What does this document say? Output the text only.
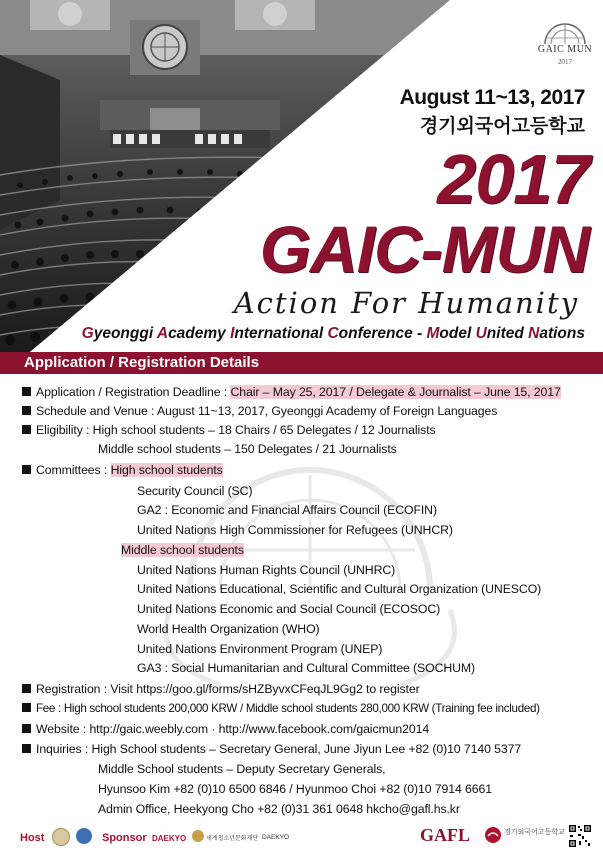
GAIC MUN
2017
August 11~13, 2017
경기외국어고등학교
2017
GAIC-MUN
Action For Humanity
Gyeonggi Academy International Conference - Model United Nations
Application / Registration Details
Application / Registration Deadline : Chair – May 25, 2017 / Delegate & Journalist – June 15, 2017
Schedule and Venue : August 11~13, 2017, Gyeonggi Academy of Foreign Languages
Eligibility : High school students – 18 Chairs / 65 Delegates / 12 Journalists
Middle school students – 150 Delegates / 21 Journalists
Committees : High school students
Security Council (SC)
GA2 : Economic and Financial Affairs Council (ECOFIN)
United Nations High Commissioner for Refugees (UNHCR)
Middle school students
United Nations Human Rights Council (UNHRC)
United Nations Educational, Scientific and Cultural Organization (UNESCO)
United Nations Economic and Social Council (ECOSOC)
World Health Organization (WHO)
United Nations Environment Program (UNEP)
GA3 : Social Humanitarian and Cultural Committee (SOCHUM)
Registration : Visit https://goo.gl/forms/sHZByvxCFeqJL9Gg2 to register
Fee : High school students 200,000 KRW / Middle school students 280,000 KRW (Training fee included)
Website : http://gaic.weebly.com · http://www.facebook.com/gaicmun2014
Inquiries : High School students – Secretary General, June Jiyun Lee +82 (0)10 7140 5377
Middle School students – Deputy Secretary Generals,
Hyunsoo Kim +82 (0)10 6500 6846 / Hyunmoo Choi +82 (0)10 7914 6661
Admin Office, Heekyong Cho +82 (0)31 361 0648 hkcho@gafl.hs.kr
Host	Sponsor DAEKYO	세계청소년문화재단 DAEKYO	GAFL	경기외국어고등학교
